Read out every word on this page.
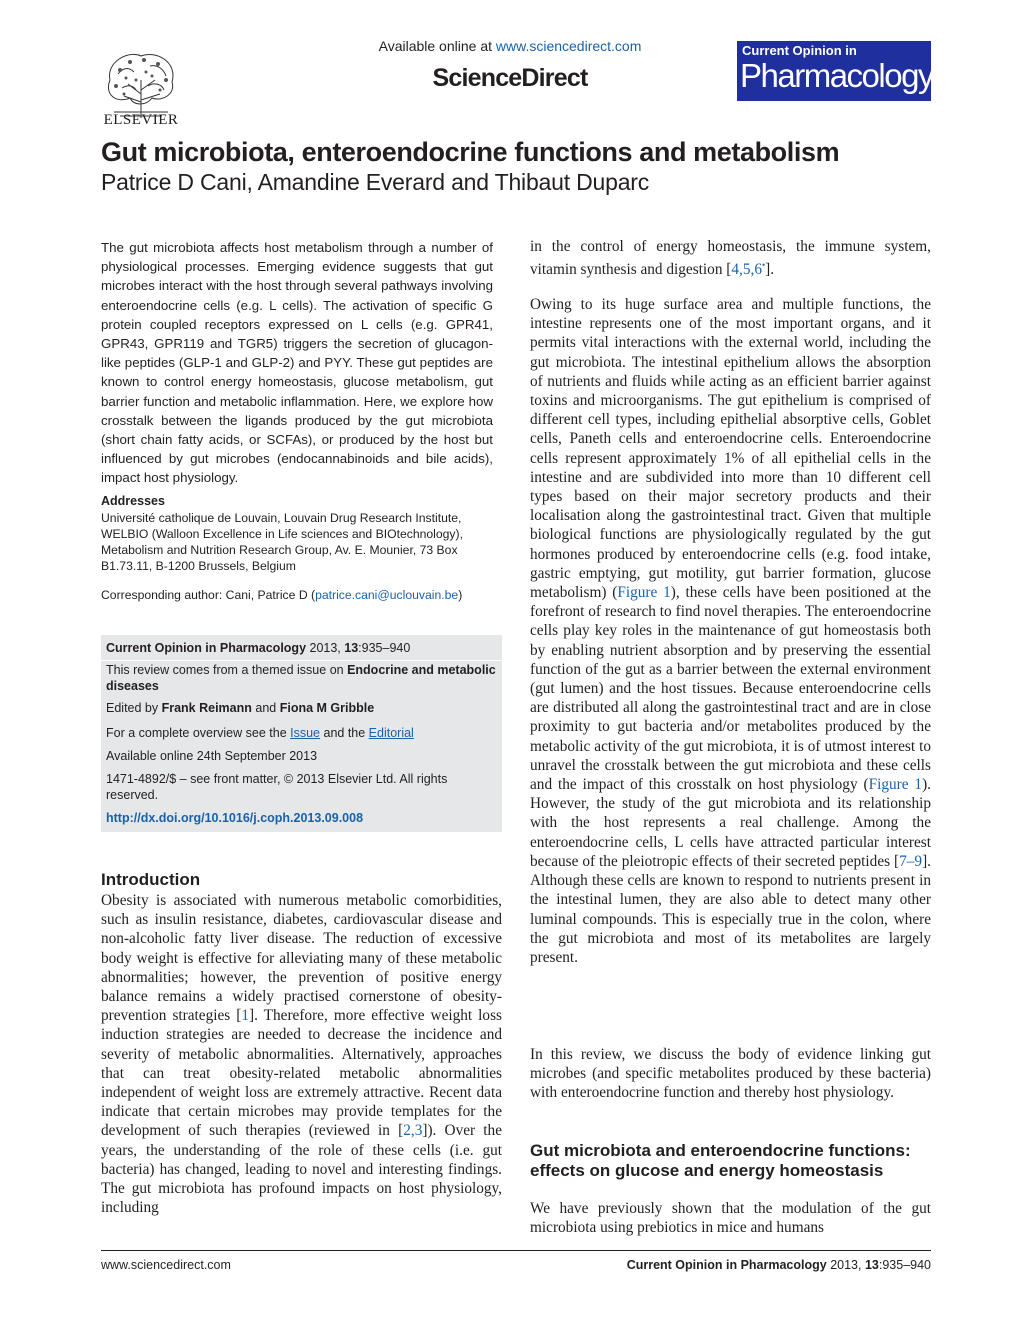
ELSEVIER
Available online at www.sciencedirect.com
ScienceDirect
Current Opinion in
Pharmacology
Gut microbiota, enteroendocrine functions and metabolism
Patrice D Cani, Amandine Everard and Thibaut Duparc
The gut microbiota affects host metabolism through a number of physiological processes. Emerging evidence suggests that gut microbes interact with the host through several pathways involving enteroendocrine cells (e.g. L cells). The activation of specific G protein coupled receptors expressed on L cells (e.g. GPR41, GPR43, GPR119 and TGR5) triggers the secretion of glucagon-like peptides (GLP-1 and GLP-2) and PYY. These gut peptides are known to control energy homeostasis, glucose metabolism, gut barrier function and metabolic inflammation. Here, we explore how crosstalk between the ligands produced by the gut microbiota (short chain fatty acids, or SCFAs), or produced by the host but influenced by gut microbes (endocannabinoids and bile acids), impact host physiology.
Addresses
Université catholique de Louvain, Louvain Drug Research Institute, WELBIO (Walloon Excellence in Life sciences and BIOtechnology), Metabolism and Nutrition Research Group, Av. E. Mounier, 73 Box B1.73.11, B-1200 Brussels, Belgium
Corresponding author: Cani, Patrice D (patrice.cani@uclouvain.be)
Current Opinion in Pharmacology 2013, 13:935–940
This review comes from a themed issue on Endocrine and metabolic diseases
Edited by Frank Reimann and Fiona M Gribble
For a complete overview see the Issue and the Editorial
Available online 24th September 2013
1471-4892/$ – see front matter, © 2013 Elsevier Ltd. All rights reserved.
http://dx.doi.org/10.1016/j.coph.2013.09.008
Introduction
Obesity is associated with numerous metabolic comorbidities, such as insulin resistance, diabetes, cardiovascular disease and non-alcoholic fatty liver disease. The reduction of excessive body weight is effective for alleviating many of these metabolic abnormalities; however, the prevention of positive energy balance remains a widely practised cornerstone of obesity-prevention strategies [1]. Therefore, more effective weight loss induction strategies are needed to decrease the incidence and severity of metabolic abnormalities. Alternatively, approaches that can treat obesity-related metabolic abnormalities independent of weight loss are extremely attractive. Recent data indicate that certain microbes may provide templates for the development of such therapies (reviewed in [2,3]). Over the years, the understanding of the role of these cells (i.e. gut bacteria) has changed, leading to novel and interesting findings. The gut microbiota has profound impacts on host physiology, including
in the control of energy homeostasis, the immune system, vitamin synthesis and digestion [4,5,6•].
Owing to its huge surface area and multiple functions, the intestine represents one of the most important organs, and it permits vital interactions with the external world, including the gut microbiota. The intestinal epithelium allows the absorption of nutrients and fluids while acting as an efficient barrier against toxins and microorganisms. The gut epithelium is comprised of different cell types, including epithelial absorptive cells, Goblet cells, Paneth cells and enteroendocrine cells. Enteroendocrine cells represent approximately 1% of all epithelial cells in the intestine and are subdivided into more than 10 different cell types based on their major secretory products and their localisation along the gastrointestinal tract. Given that multiple biological functions are physiologically regulated by the gut hormones produced by enteroendocrine cells (e.g. food intake, gastric emptying, gut motility, gut barrier formation, glucose metabolism) (Figure 1), these cells have been positioned at the forefront of research to find novel therapies. The enteroendocrine cells play key roles in the maintenance of gut homeostasis both by enabling nutrient absorption and by preserving the essential function of the gut as a barrier between the external environment (gut lumen) and the host tissues. Because enteroendocrine cells are distributed all along the gastrointestinal tract and are in close proximity to gut bacteria and/or metabolites produced by the metabolic activity of the gut microbiota, it is of utmost interest to unravel the crosstalk between the gut microbiota and these cells and the impact of this crosstalk on host physiology (Figure 1). However, the study of the gut microbiota and its relationship with the host represents a real challenge. Among the enteroendocrine cells, L cells have attracted particular interest because of the pleiotropic effects of their secreted peptides [7–9]. Although these cells are known to respond to nutrients present in the intestinal lumen, they are also able to detect many other luminal compounds. This is especially true in the colon, where the gut microbiota and most of its metabolites are largely present.
In this review, we discuss the body of evidence linking gut microbes (and specific metabolites produced by these bacteria) with enteroendocrine function and thereby host physiology.
Gut microbiota and enteroendocrine functions: effects on glucose and energy homeostasis
We have previously shown that the modulation of the gut microbiota using prebiotics in mice and humans
www.sciencedirect.com	Current Opinion in Pharmacology 2013, 13:935–940
